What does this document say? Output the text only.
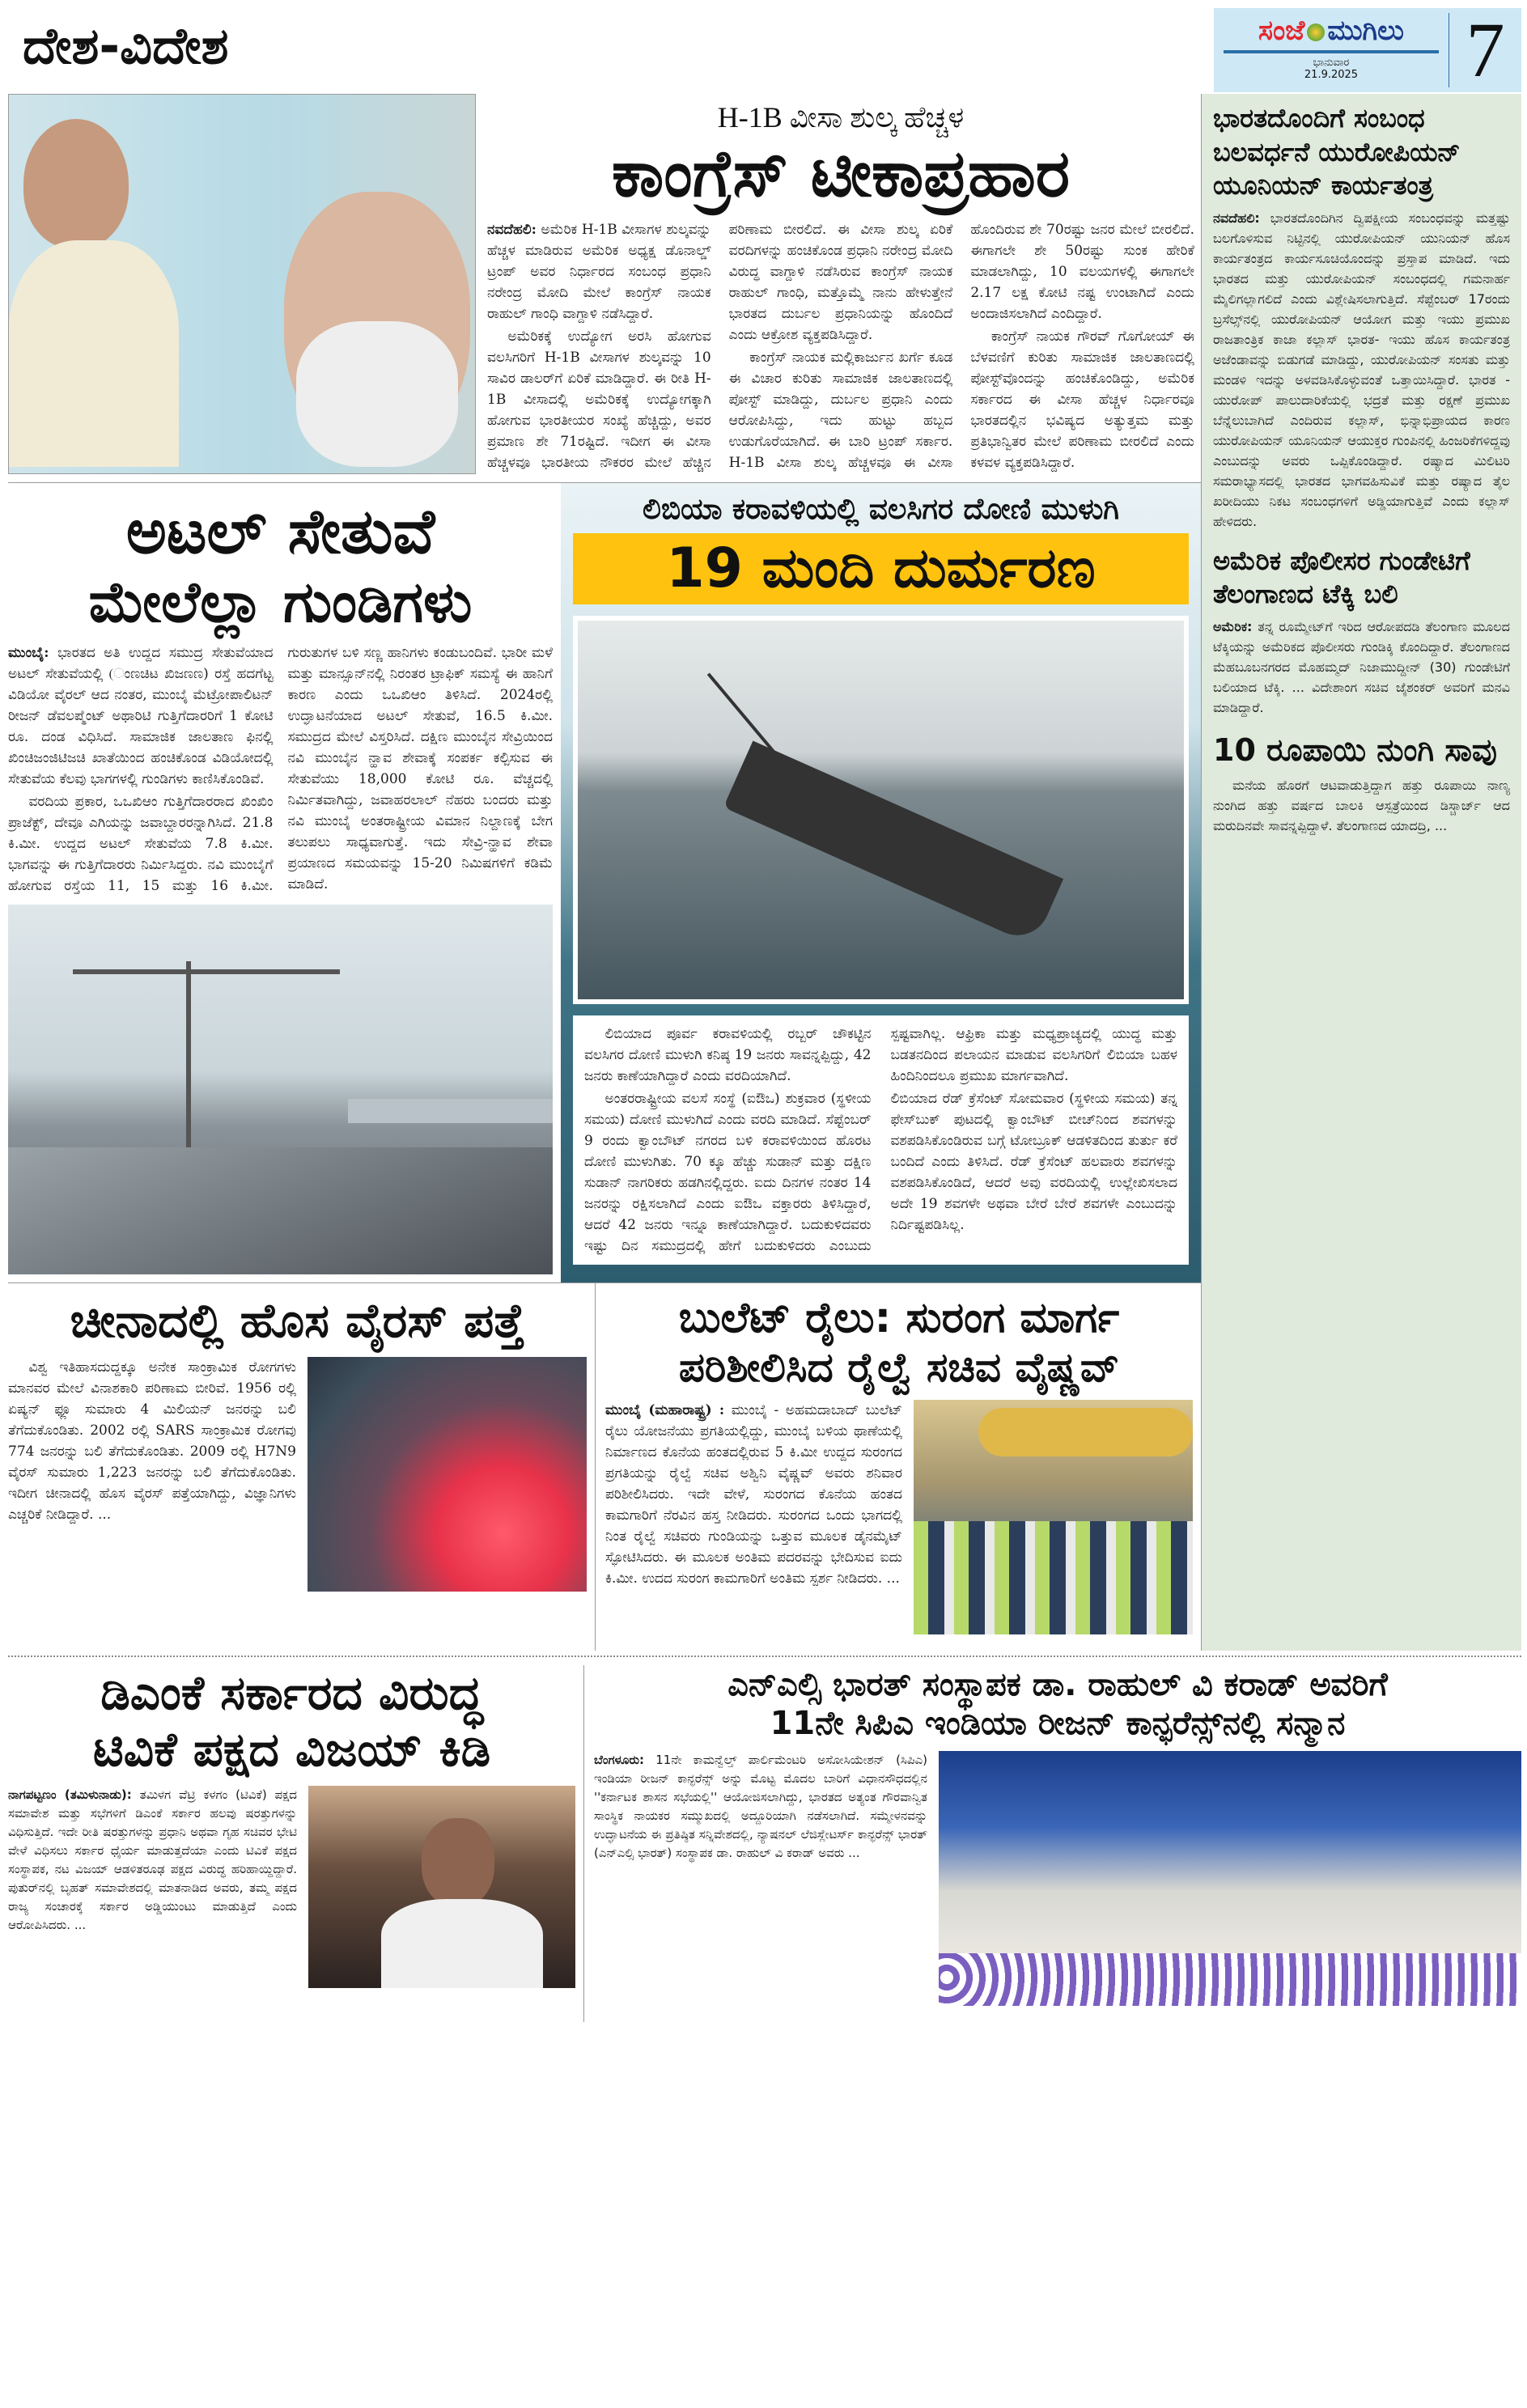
ದೇಶ-ವಿದೇಶ	ಸಂಜೆ ಮುಗಿಲು
ಭಾನುವಾರ
21.9.2025	7
H-1B ವೀಸಾ ಶುಲ್ಕ ಹೆಚ್ಚಳ
ಕಾಂಗ್ರೆಸ್ ಟೀಕಾಪ್ರಹಾರ

ನವದೆಹಲಿ: ಅಮೆರಿಕ H-1B ವೀಸಾಗಳ ಶುಲ್ಕವನ್ನು ಹೆಚ್ಚಳ ಮಾಡಿರುವ ಅಮೆರಿಕ ಅಧ್ಯಕ್ಷ ಡೊನಾಲ್ಡ್ ಟ್ರಂಪ್ ಅವರ ನಿರ್ಧಾರದ ಸಂಬಂಧ ಪ್ರಧಾನಿ ನರೇಂದ್ರ ಮೋದಿ ಮೇಲೆ ಕಾಂಗ್ರೆಸ್ ನಾಯಕ ರಾಹುಲ್ ಗಾಂಧಿ ವಾಗ್ದಾಳಿ ನಡೆಸಿದ್ದಾರೆ.

ಅಮೆರಿಕಕ್ಕೆ ಉದ್ಯೋಗ ಅರಸಿ ಹೋಗುವ ವಲಸಿಗರಿಗೆ H-1B ವೀಸಾಗಳ ಶುಲ್ಕವನ್ನು 10 ಸಾವಿರ ಡಾಲರ್‌ಗೆ ಏರಿಕೆ ಮಾಡಿದ್ದಾರೆ. ಈ ರೀತಿ H-1B ವೀಸಾದಲ್ಲಿ ಅಮೆರಿಕಕ್ಕೆ ಉದ್ಯೋಗಕ್ಕಾಗಿ ಹೋಗುವ ಭಾರತೀಯರ ಸಂಖ್ಯೆ ಹೆಚ್ಚಿದ್ದು, ಅವರ ಪ್ರಮಾಣ ಶೇ 71ರಷ್ಟಿದೆ. ಇದೀಗ ಈ ವೀಸಾ ಹೆಚ್ಚಳವೂ ಭಾರತೀಯ ನೌಕರರ ಮೇಲೆ ಹೆಚ್ಚಿನ ಪರಿಣಾಮ ಬೀರಲಿದೆ. ಈ ವೀಸಾ ಶುಲ್ಕ ಏರಿಕೆ ವರದಿಗಳನ್ನು ಹಂಚಿಕೊಂಡ ಪ್ರಧಾನಿ ನರೇಂದ್ರ ಮೋದಿ ವಿರುದ್ಧ ವಾಗ್ದಾಳಿ ನಡೆಸಿರುವ ಕಾಂಗ್ರೆಸ್ ನಾಯಕ ರಾಹುಲ್ ಗಾಂಧಿ, ಮತ್ತೊಮ್ಮೆ ನಾನು ಹೇಳುತ್ತೇನೆ ಭಾರತದ ದುರ್ಬಲ ಪ್ರಧಾನಿಯನ್ನು ಹೊಂದಿದೆ ಎಂದು ಆಕ್ರೋಶ ವ್ಯಕ್ತಪಡಿಸಿದ್ದಾರೆ.

ಕಾಂಗ್ರೆಸ್ ನಾಯಕ ಮಲ್ಲಿಕಾರ್ಜುನ ಖರ್ಗೆ ಕೂಡ ಈ ವಿಚಾರ ಕುರಿತು ಸಾಮಾಜಿಕ ಜಾಲತಾಣದಲ್ಲಿ ಪೋಸ್ಟ್ ಮಾಡಿದ್ದು, ದುರ್ಬಲ ಪ್ರಧಾನಿ ಎಂದು ಆರೋಪಿಸಿದ್ದು, ಇದು ಹುಟ್ಟು ಹಬ್ಬದ ಉಡುಗೊರೆಯಾಗಿದೆ. ಈ ಬಾರಿ ಟ್ರಂಪ್ ಸರ್ಕಾರ. H-1B ವೀಸಾ ಶುಲ್ಕ ಹೆಚ್ಚಳವೂ ಈ ವೀಸಾ ಹೊಂದಿರುವ ಶೇ 70ರಷ್ಟು ಜನರ ಮೇಲೆ ಬೀರಲಿದೆ. ಈಗಾಗಲೇ ಶೇ 50ರಷ್ಟು ಸುಂಕ ಹೇರಿಕೆ ಮಾಡಲಾಗಿದ್ದು, 10 ವಲಯಗಳಲ್ಲಿ ಈಗಾಗಲೇ 2.17 ಲಕ್ಷ ಕೋಟಿ ನಷ್ಟ ಉಂಟಾಗಿದೆ ಎಂದು ಅಂದಾಜಿಸಲಾಗಿದೆ ಎಂದಿದ್ದಾರೆ.

ಕಾಂಗ್ರೆಸ್ ನಾಯಕ ಗೌರವ್ ಗೊಗೋಯ್ ಈ ಬೆಳವಣಿಗೆ ಕುರಿತು ಸಾಮಾಜಿಕ ಜಾಲತಾಣದಲ್ಲಿ ಪೋಸ್ಟ್‌ವೊಂದನ್ನು ಹಂಚಿಕೊಂಡಿದ್ದು, ಅಮೆರಿಕ ಸರ್ಕಾರದ ಈ ವೀಸಾ ಹೆಚ್ಚಳ ನಿರ್ಧಾರವೂ ಭಾರತದಲ್ಲಿನ ಭವಿಷ್ಯದ ಅತ್ಯುತ್ತಮ ಮತ್ತು ಪ್ರತಿಭಾನ್ವಿತರ ಮೇಲೆ ಪರಿಣಾಮ ಬೀರಲಿದೆ ಎಂದು ಕಳವಳ ವ್ಯಕ್ತಪಡಿಸಿದ್ದಾರೆ.

ಅಟಲ್ ಸೇತುವೆ
ಮೇಲೆಲ್ಲಾ ಗುಂಡಿಗಳು

ಮುಂಬೈ: ಭಾರತದ ಅತಿ ಉದ್ದದ ಸಮುದ್ರ ಸೇತುವೆಯಾದ ಅಟಲ್ ಸೇತುವೆಯಲ್ಲಿ (ಂಣಚಿಟ ಖಿಜಣಣ) ರಸ್ತೆ ಹದಗೆಟ್ಟ ವಿಡಿಯೋ ವೈರಲ್ ಆದ ನಂತರ, ಮುಂಬೈ ಮೆಟ್ರೋಪಾಲಿಟನ್ ರೀಜನ್ ಡೆವಲಪ್ಮೆಂಟ್ ಅಥಾರಿಟಿ ಗುತ್ತಿಗೆದಾರರಿಗೆ 1 ಕೋಟಿ ರೂ. ದಂಡ ವಿಧಿಸಿದೆ. ಸಾಮಾಜಿಕ ಜಾಲತಾಣ ಫಿನಲ್ಲಿ ಖಿಂಚಿಜಂಜಿಟಿಜಚಿ ಖಾತೆಯಿಂದ ಹಂಚಿಕೊಂಡ ವಿಡಿಯೋದಲ್ಲಿ ಸೇತುವೆಯ ಕೆಲವು ಭಾಗಗಳಲ್ಲಿ ಗುಂಡಿಗಳು ಕಾಣಿಸಿಕೊಂಡಿವೆ.

ವರದಿಯ ಪ್ರಕಾರ, ಒಒಖಿಆಂ ಗುತ್ತಿಗೆದಾರರಾದ ಖಿಂಖಿಂ ಪ್ರಾಜೆಕ್ಟ್, ದೇವೂ ಎಗಿಯನ್ನು ಜವಾಬ್ದಾರರನ್ನಾಗಿಸಿದೆ. 21.8 ಕಿ.ಮೀ. ಉದ್ದದ ಅಟಲ್ ಸೇತುವೆಯ 7.8 ಕಿ.ಮೀ. ಭಾಗವನ್ನು ಈ ಗುತ್ತಿಗೆದಾರರು ನಿರ್ಮಿಸಿದ್ದರು. ನವಿ ಮುಂಬೈಗೆ ಹೋಗುವ ರಸ್ತೆಯ 11, 15 ಮತ್ತು 16 ಕಿ.ಮೀ. ಗುರುತುಗಳ ಬಳಿ ಸಣ್ಣ ಹಾನಿಗಳು ಕಂಡುಬಂದಿವೆ. ಭಾರೀ ಮಳೆ ಮತ್ತು ಮಾನ್ಸೂನ್‌ನಲ್ಲಿ ನಿರಂತರ ಟ್ರಾಫಿಕ್ ಸಮಸ್ಯೆ ಈ ಹಾನಿಗೆ ಕಾರಣ ಎಂದು ಒಒಖಿಆಂ ತಿಳಿಸಿದೆ. 2024ರಲ್ಲಿ ಉದ್ಘಾಟನೆಯಾದ ಅಟಲ್ ಸೇತುವೆ, 16.5 ಕಿ.ಮೀ. ಸಮುದ್ರದ ಮೇಲೆ ವಿಸ್ತರಿಸಿದೆ. ದಕ್ಷಿಣ ಮುಂಬೈನ ಸೇವ್ರಿಯಿಂದ ನವಿ ಮುಂಬೈನ ನ್ಹಾವ ಶೇವಾಕ್ಕೆ ಸಂಪರ್ಕ ಕಲ್ಪಿಸುವ ಈ ಸೇತುವೆಯು 18,000 ಕೋಟಿ ರೂ. ವೆಚ್ಚದಲ್ಲಿ ನಿರ್ಮಿತವಾಗಿದ್ದು, ಜವಾಹರಲಾಲ್ ನೆಹರು ಬಂದರು ಮತ್ತು ನವಿ ಮುಂಬೈ ಅಂತರಾಷ್ಟ್ರೀಯ ವಿಮಾನ ನಿಲ್ದಾಣಕ್ಕೆ ಬೇಗ ತಲುಪಲು ಸಾಧ್ಯವಾಗುತ್ತೆ. ಇದು ಸೇವ್ರಿ-ನ್ಹಾವ ಶೇವಾ ಪ್ರಯಾಣದ ಸಮಯವನ್ನು 15-20 ನಿಮಿಷಗಳಿಗೆ ಕಡಿಮೆ ಮಾಡಿದೆ.

ಲಿಬಿಯಾ ಕರಾವಳಿಯಲ್ಲಿ ವಲಸಿಗರ ದೋಣಿ ಮುಳುಗಿ
19 ಮಂದಿ ದುರ್ಮರಣ

ಲಿಬಿಯಾದ ಪೂರ್ವ ಕರಾವಳಿಯಲ್ಲಿ ರಬ್ಬರ್ ಚೌಕಟ್ಟಿನ ವಲಸಿಗರ ದೋಣಿ ಮುಳುಗಿ ಕನಿಷ್ಠ 19 ಜನರು ಸಾವನ್ನಪ್ಪಿದ್ದು, 42 ಜನರು ಕಾಣೆಯಾಗಿದ್ದಾರೆ ಎಂದು ವರದಿಯಾಗಿದೆ.

ಅಂತರರಾಷ್ಟ್ರೀಯ ವಲಸೆ ಸಂಸ್ಥೆ (ಐಔಒ) ಶುಕ್ರವಾರ (ಸ್ಥಳೀಯ ಸಮಯ) ದೋಣಿ ಮುಳುಗಿದೆ ಎಂದು ವರದಿ ಮಾಡಿದೆ. ಸೆಪ್ಟೆಂಬರ್ 9 ರಂದು ಕ್ವಾಂಬೌಟ್ ನಗರದ ಬಳಿ ಕರಾವಳಿಯಿಂದ ಹೊರಟ ದೋಣಿ ಮುಳುಗಿತು. 70 ಕ್ಕೂ ಹೆಚ್ಚು ಸುಡಾನ್ ಮತ್ತು ದಕ್ಷಿಣ ಸುಡಾನ್ ನಾಗರಿಕರು ಹಡಗಿನಲ್ಲಿದ್ದರು. ಐದು ದಿನಗಳ ನಂತರ 14 ಜನರನ್ನು ರಕ್ಷಿಸಲಾಗಿದೆ ಎಂದು ಐಔಒ ವಕ್ತಾರರು ತಿಳಿಸಿದ್ದಾರೆ, ಆದರೆ 42 ಜನರು ಇನ್ನೂ ಕಾಣೆಯಾಗಿದ್ದಾರೆ. ಬದುಕುಳಿದವರು ಇಷ್ಟು ದಿನ ಸಮುದ್ರದಲ್ಲಿ ಹೇಗೆ ಬದುಕುಳಿದರು ಎಂಬುದು ಸ್ಪಷ್ಟವಾಗಿಲ್ಲ. ಆಫ್ರಿಕಾ ಮತ್ತು ಮಧ್ಯಪ್ರಾಚ್ಯದಲ್ಲಿ ಯುದ್ಧ ಮತ್ತು ಬಡತನದಿಂದ ಪಲಾಯನ ಮಾಡುವ ವಲಸಿಗರಿಗೆ ಲಿಬಿಯಾ ಬಹಳ ಹಿಂದಿನಿಂದಲೂ ಪ್ರಮುಖ ಮಾರ್ಗವಾಗಿದೆ.

ಲಿಬಿಯಾದ ರೆಡ್ ಕ್ರೆಸೆಂಟ್ ಸೋಮವಾರ (ಸ್ಥಳೀಯ ಸಮಯ) ತನ್ನ ಫೇಸ್‌ಬುಕ್ ಪುಟದಲ್ಲಿ ಕ್ವಾಂಬೌಟ್ ಬೀಚ್‌ನಿಂದ ಶವಗಳನ್ನು ವಶಪಡಿಸಿಕೊಂಡಿರುವ ಬಗ್ಗೆ ಟೋಬ್ರೂಕ್ ಆಡಳಿತದಿಂದ ತುರ್ತು ಕರೆ ಬಂದಿದೆ ಎಂದು ತಿಳಿಸಿದೆ. ರೆಡ್ ಕ್ರೆಸೆಂಟ್ ಹಲವಾರು ಶವಗಳನ್ನು ವಶಪಡಿಸಿಕೊಂಡಿದೆ, ಆದರೆ ಅವು ವರದಿಯಲ್ಲಿ ಉಲ್ಲೇಖಿಸಲಾದ ಅದೇ 19 ಶವಗಳೇ ಅಥವಾ ಬೇರೆ ಬೇರೆ ಶವಗಳೇ ಎಂಬುದನ್ನು ನಿರ್ದಿಷ್ಟಪಡಿಸಿಲ್ಲ.

ಚೀನಾದಲ್ಲಿ ಹೊಸ ವೈರಸ್ ಪತ್ತೆ
ವಿಶ್ವ ಇತಿಹಾಸದುದ್ದಕ್ಕೂ ಅನೇಕ ಸಾಂಕ್ರಾಮಿಕ ರೋಗಗಳು ಮಾನವರ ಮೇಲೆ ವಿನಾಶಕಾರಿ ಪರಿಣಾಮ ಬೀರಿವೆ. 1956 ರಲ್ಲಿ ಏಷ್ಯನ್ ಫ್ಲೂ ಸುಮಾರು 4 ಮಿಲಿಯನ್ ಜನರನ್ನು ಬಲಿ ತೆಗೆದುಕೊಂಡಿತು. 2002 ರಲ್ಲಿ SARS ಸಾಂಕ್ರಾಮಿಕ ರೋಗವು 774 ಜನರನ್ನು ಬಲಿ ತೆಗೆದುಕೊಂಡಿತು. 2009 ರಲ್ಲಿ H7N9 ವೈರಸ್ ಸುಮಾರು 1,223 ಜನರನ್ನು ಬಲಿ ತೆಗೆದುಕೊಂಡಿತು. ಇದೀಗ ಚೀನಾದಲ್ಲಿ ಹೊಸ ವೈರಸ್ ಪತ್ತೆಯಾಗಿದ್ದು, ವಿಜ್ಞಾನಿಗಳು ಎಚ್ಚರಿಕೆ ನೀಡಿದ್ದಾರೆ. ...
ಬುಲೆಟ್ ರೈಲು: ಸುರಂಗ ಮಾರ್ಗ
ಪರಿಶೀಲಿಸಿದ ರೈಲ್ವೆ ಸಚಿವ ವೈಷ್ಣವ್
ಮುಂಬೈ (ಮಹಾರಾಷ್ಟ್ರ) : ಮುಂಬೈ - ಅಹಮದಾಬಾದ್ ಬುಲೆಟ್ ರೈಲು ಯೋಜನೆಯು ಪ್ರಗತಿಯಲ್ಲಿದ್ದು, ಮುಂಬೈ ಬಳಿಯ ಥಾಣೆಯಲ್ಲಿ ನಿರ್ಮಾಣದ ಕೊನೆಯ ಹಂತದಲ್ಲಿರುವ 5 ಕಿ.ಮೀ ಉದ್ದದ ಸುರಂಗದ ಪ್ರಗತಿಯನ್ನು ರೈಲ್ವೆ ಸಚಿವ ಅಶ್ವಿನಿ ವೈಷ್ಣವ್ ಅವರು ಶನಿವಾರ ಪರಿಶೀಲಿಸಿದರು. ಇದೇ ವೇಳೆ, ಸುರಂಗದ ಕೊನೆಯ ಹಂತದ ಕಾಮಗಾರಿಗೆ ನೆರವಿನ ಹಸ್ತ ನೀಡಿದರು. ಸುರಂಗದ ಒಂದು ಭಾಗದಲ್ಲಿ ನಿಂತ ರೈಲ್ವೆ ಸಚಿವರು ಗುಂಡಿಯನ್ನು ಒತ್ತುವ ಮೂಲಕ ಡೈನಮೈಟ್ ಸ್ಫೋಟಿಸಿದರು. ಈ ಮೂಲಕ ಅಂತಿಮ ಪದರವನ್ನು ಭೇದಿಸುವ ಐದು ಕಿ.ಮೀ. ಉದದ ಸುರಂಗ ಕಾಮಗಾರಿಗೆ ಅಂತಿಮ ಸ್ಪರ್ಶ ನೀಡಿದರು. ...
ಭಾರತದೊಂದಿಗೆ ಸಂಬಂಧ ಬಲವರ್ಧನೆ ಯುರೋಪಿಯನ್ ಯೂನಿಯನ್ ಕಾರ್ಯತಂತ್ರ
ನವದೆಹಲಿ: ಭಾರತದೊಂದಿಗಿನ ದ್ವಿಪಕ್ಷೀಯ ಸಂಬಂಧವನ್ನು ಮತ್ತಷ್ಟು ಬಲಗೊಳಿಸುವ ನಿಟ್ಟಿನಲ್ಲಿ ಯುರೋಪಿಯನ್ ಯುನಿಯನ್ ಹೊಸ ಕಾರ್ಯತಂತ್ರದ ಕಾರ್ಯಸೂಚಿಯೊಂದನ್ನು ಪ್ರಸ್ತಾಪ ಮಾಡಿದೆ. ಇದು ಭಾರತದ ಮತ್ತು ಯುರೋಪಿಯನ್ ಸಂಬಂಧದಲ್ಲಿ ಗಮನಾರ್ಹ ಮೈಲಿಗಲ್ಲಾಗಲಿದೆ ಎಂದು ವಿಶ್ಲೇಷಿಸಲಾಗುತ್ತಿದೆ. ಸೆಪ್ಟೆಂಬರ್ 17ರಂದು ಬ್ರಸೆಲ್ಸ್‌ನಲ್ಲಿ ಯುರೋಪಿಯನ್ ಆಯೋಗ ಮತ್ತು ಇಯು ಪ್ರಮುಖ ರಾಜತಾಂತ್ರಿಕ ಕಾಜಾ ಕಲ್ಲಾಸ್ ಭಾರತ- ಇಯು ಹೊಸ ಕಾರ್ಯತಂತ್ರ ಅಜೆಂಡಾವನ್ನು ಬಿಡುಗಡೆ ಮಾಡಿದ್ದು, ಯುರೋಪಿಯನ್ ಸಂಸತು ಮತ್ತು ಮಂಡಳಿ ಇದನ್ನು ಅಳವಡಿಸಿಕೊಳ್ಳುವಂತೆ ಒತ್ತಾಯಿಸಿದ್ದಾರೆ. ಭಾರತ - ಯುರೋಪ್ ಪಾಲುದಾರಿಕೆಯಲ್ಲಿ ಭದ್ರತೆ ಮತ್ತು ರಕ್ಷಣೆ ಪ್ರಮುಖ ಬೆನ್ನೆಲುಬಾಗಿದೆ ಎಂದಿರುವ ಕಲ್ಲಾಸ್, ಭಿನ್ನಾಭಿಪ್ರಾಯದ ಕಾರಣ ಯುರೋಪಿಯನ್ ಯೂನಿಯನ್ ಆಯುಕ್ತರ ಗುಂಪಿನಲ್ಲಿ ಹಿಂಜರಿಕೆಗಳಿದ್ದವು ಎಂಬುದನ್ನು ಅವರು ಒಪ್ಪಿಕೊಂಡಿದ್ದಾರೆ. ರಷ್ಯಾದ ಮಿಲಿಟರಿ ಸಮರಾಭ್ಯಾಸದಲ್ಲಿ ಭಾರತದ ಭಾಗವಹಿಸುವಿಕೆ ಮತ್ತು ರಷ್ಯಾದ ತೈಲ ಖರೀದಿಯು ನಿಕಟ ಸಂಬಂಧಗಳಿಗೆ ಅಡ್ಡಿಯಾಗುತ್ತಿವೆ ಎಂದು ಕಲ್ಲಾಸ್ ಹೇಳಿದರು.
ಅಮೆರಿಕ ಪೊಲೀಸರ ಗುಂಡೇಟಿಗೆ ತೆಲಂಗಾಣದ ಟೆಕ್ಕಿ ಬಲಿ
ಅಮೆರಿಕ: ತನ್ನ ರೂಮ್ಮೇಟ್‌ಗೆ ಇರಿದ ಆರೋಪದಡಿ ತೆಲಂಗಾಣ ಮೂಲದ ಟೆಕ್ಕಿಯನ್ನು ಅಮೆರಿಕದ ಪೊಲೀಸರು ಗುಂಡಿಕ್ಕಿ ಕೊಂದಿದ್ದಾರೆ. ತೆಲಂಗಾಣದ ಮೆಹಬೂಬನಗರದ ಮೊಹಮ್ಮದ್ ನಿಜಾಮುದ್ದೀನ್ (30) ಗುಂಡೇಟಿಗೆ ಬಲಿಯಾದ ಟೆಕ್ಕಿ. ... ವಿದೇಶಾಂಗ ಸಚಿವ ಜೈಶಂಕರ್ ಅವರಿಗೆ ಮನವಿ ಮಾಡಿದ್ದಾರೆ.
10 ರೂಪಾಯಿ ನುಂಗಿ ಸಾವು
ಮನೆಯ ಹೊರಗೆ ಆಟವಾಡುತ್ತಿದ್ದಾಗ ಹತ್ತು ರೂಪಾಯಿ ನಾಣ್ಯ ನುಂಗಿದ ಹತ್ತು ವರ್ಷದ ಬಾಲಕಿ ಆಸ್ಪತ್ರೆಯಿಂದ ಡಿಸ್ಚಾರ್ಜ್ ಆದ ಮರುದಿನವೇ ಸಾವನ್ನಪ್ಪಿದ್ದಾಳೆ. ತೆಲಂಗಾಣದ ಯಾದದ್ರಿ, ...
ಡಿಎಂಕೆ ಸರ್ಕಾರದ ವಿರುದ್ಧ
ಟಿವಿಕೆ ಪಕ್ಷದ ವಿಜಯ್ ಕಿಡಿ
ನಾಗಪಟ್ಟಣಂ (ತಮಿಳುನಾಡು): ತಮಿಳಗ ವೆಟ್ರಿ ಕಳಗಂ (ಟಿವಿಕೆ) ಪಕ್ಷದ ಸಮಾವೇಶ ಮತ್ತು ಸಭೆಗಳಿಗೆ ಡಿಎಂಕೆ ಸರ್ಕಾರ ಹಲವು ಷರತ್ತುಗಳನ್ನು ವಿಧಿಸುತ್ತಿದೆ. ಇದೇ ರೀತಿ ಷರತ್ತುಗಳನ್ನು ಪ್ರಧಾನಿ ಅಥವಾ ಗೃಹ ಸಚಿವರ ಭೇಟಿ ವೇಳೆ ವಿಧಿಸಲು ಸರ್ಕಾರ ಧೈರ್ಯ ಮಾಡುತ್ತದೆಯಾ ಎಂದು ಟಿವಿಕೆ ಪಕ್ಷದ ಸಂಸ್ಥಾಪಕ, ನಟ ವಿಜಯ್ ಆಡಳಿತರೂಢ ಪಕ್ಷದ ವಿರುದ್ಧ ಹರಿಹಾಯ್ದಿದ್ದಾರೆ. ಪುತುರ್‌ನಲ್ಲಿ ಬೃಹತ್ ಸಮಾವೇಶದಲ್ಲಿ ಮಾತನಾಡಿದ ಅವರು, ತಮ್ಮ ಪಕ್ಷದ ರಾಜ್ಯ ಸಂಚಾರಕ್ಕೆ ಸರ್ಕಾರ ಅಡ್ಡಿಯುಂಟು ಮಾಡುತ್ತಿದೆ ಎಂದು ಆರೋಪಿಸಿದರು. ...
ಎನ್‌ಎಲ್ಸಿ ಭಾರತ್ ಸಂಸ್ಥಾಪಕ ಡಾ. ರಾಹುಲ್ ವಿ ಕರಾಡ್ ಅವರಿಗೆ
11ನೇ ಸಿಪಿಎ ಇಂಡಿಯಾ ರೀಜನ್ ಕಾನ್ಫರೆನ್ಸ್‌ನಲ್ಲಿ ಸನ್ಮಾನ
ಬೆಂಗಳೂರು: 11ನೇ ಕಾಮನ್ವೆಲ್ತ್ ಪಾರ್ಲಿಮೆಂಟರಿ ಅಸೋಸಿಯೇಶನ್ (ಸಿಪಿಎ) ಇಂಡಿಯಾ ರೀಜನ್ ಕಾನ್ಫರೆನ್ಸ್ ಅನ್ನು ಮೊಟ್ಟ ಮೊದಲ ಬಾರಿಗೆ ವಿಧಾನಸೌಧದಲ್ಲಿನ ''ಕರ್ನಾಟಕ ಶಾಸನ ಸಭೆಯಲ್ಲಿ'' ಆಯೋಜಿಸಲಾಗಿದ್ದು, ಭಾರತದ ಅತ್ಯಂತ ಗೌರವಾನ್ವಿತ ಸಾಂಸ್ಥಿಕ ನಾಯಕರ ಸಮ್ಮುಖದಲ್ಲಿ ಅದ್ದೂರಿಯಾಗಿ ನಡೆಸಲಾಗಿದೆ. ಸಮ್ಮೇಳನವನ್ನು ಉದ್ಘಾಟನೆಯ ಈ ಪ್ರತಿಷ್ಠಿತ ಸನ್ನಿವೇಶದಲ್ಲಿ, ನ್ಯಾಷನಲ್ ಲೆಜಿಸ್ಲೇಟರ್ಸ್ ಕಾನ್ಫರೆನ್ಸ್ ಭಾರತ್ (ಎನ್‌ಎಲ್ಸಿ ಭಾರತ್) ಸಂಸ್ಥಾಪಕ ಡಾ. ರಾಹುಲ್ ವಿ ಕರಾಡ್ ಅವರು ...
